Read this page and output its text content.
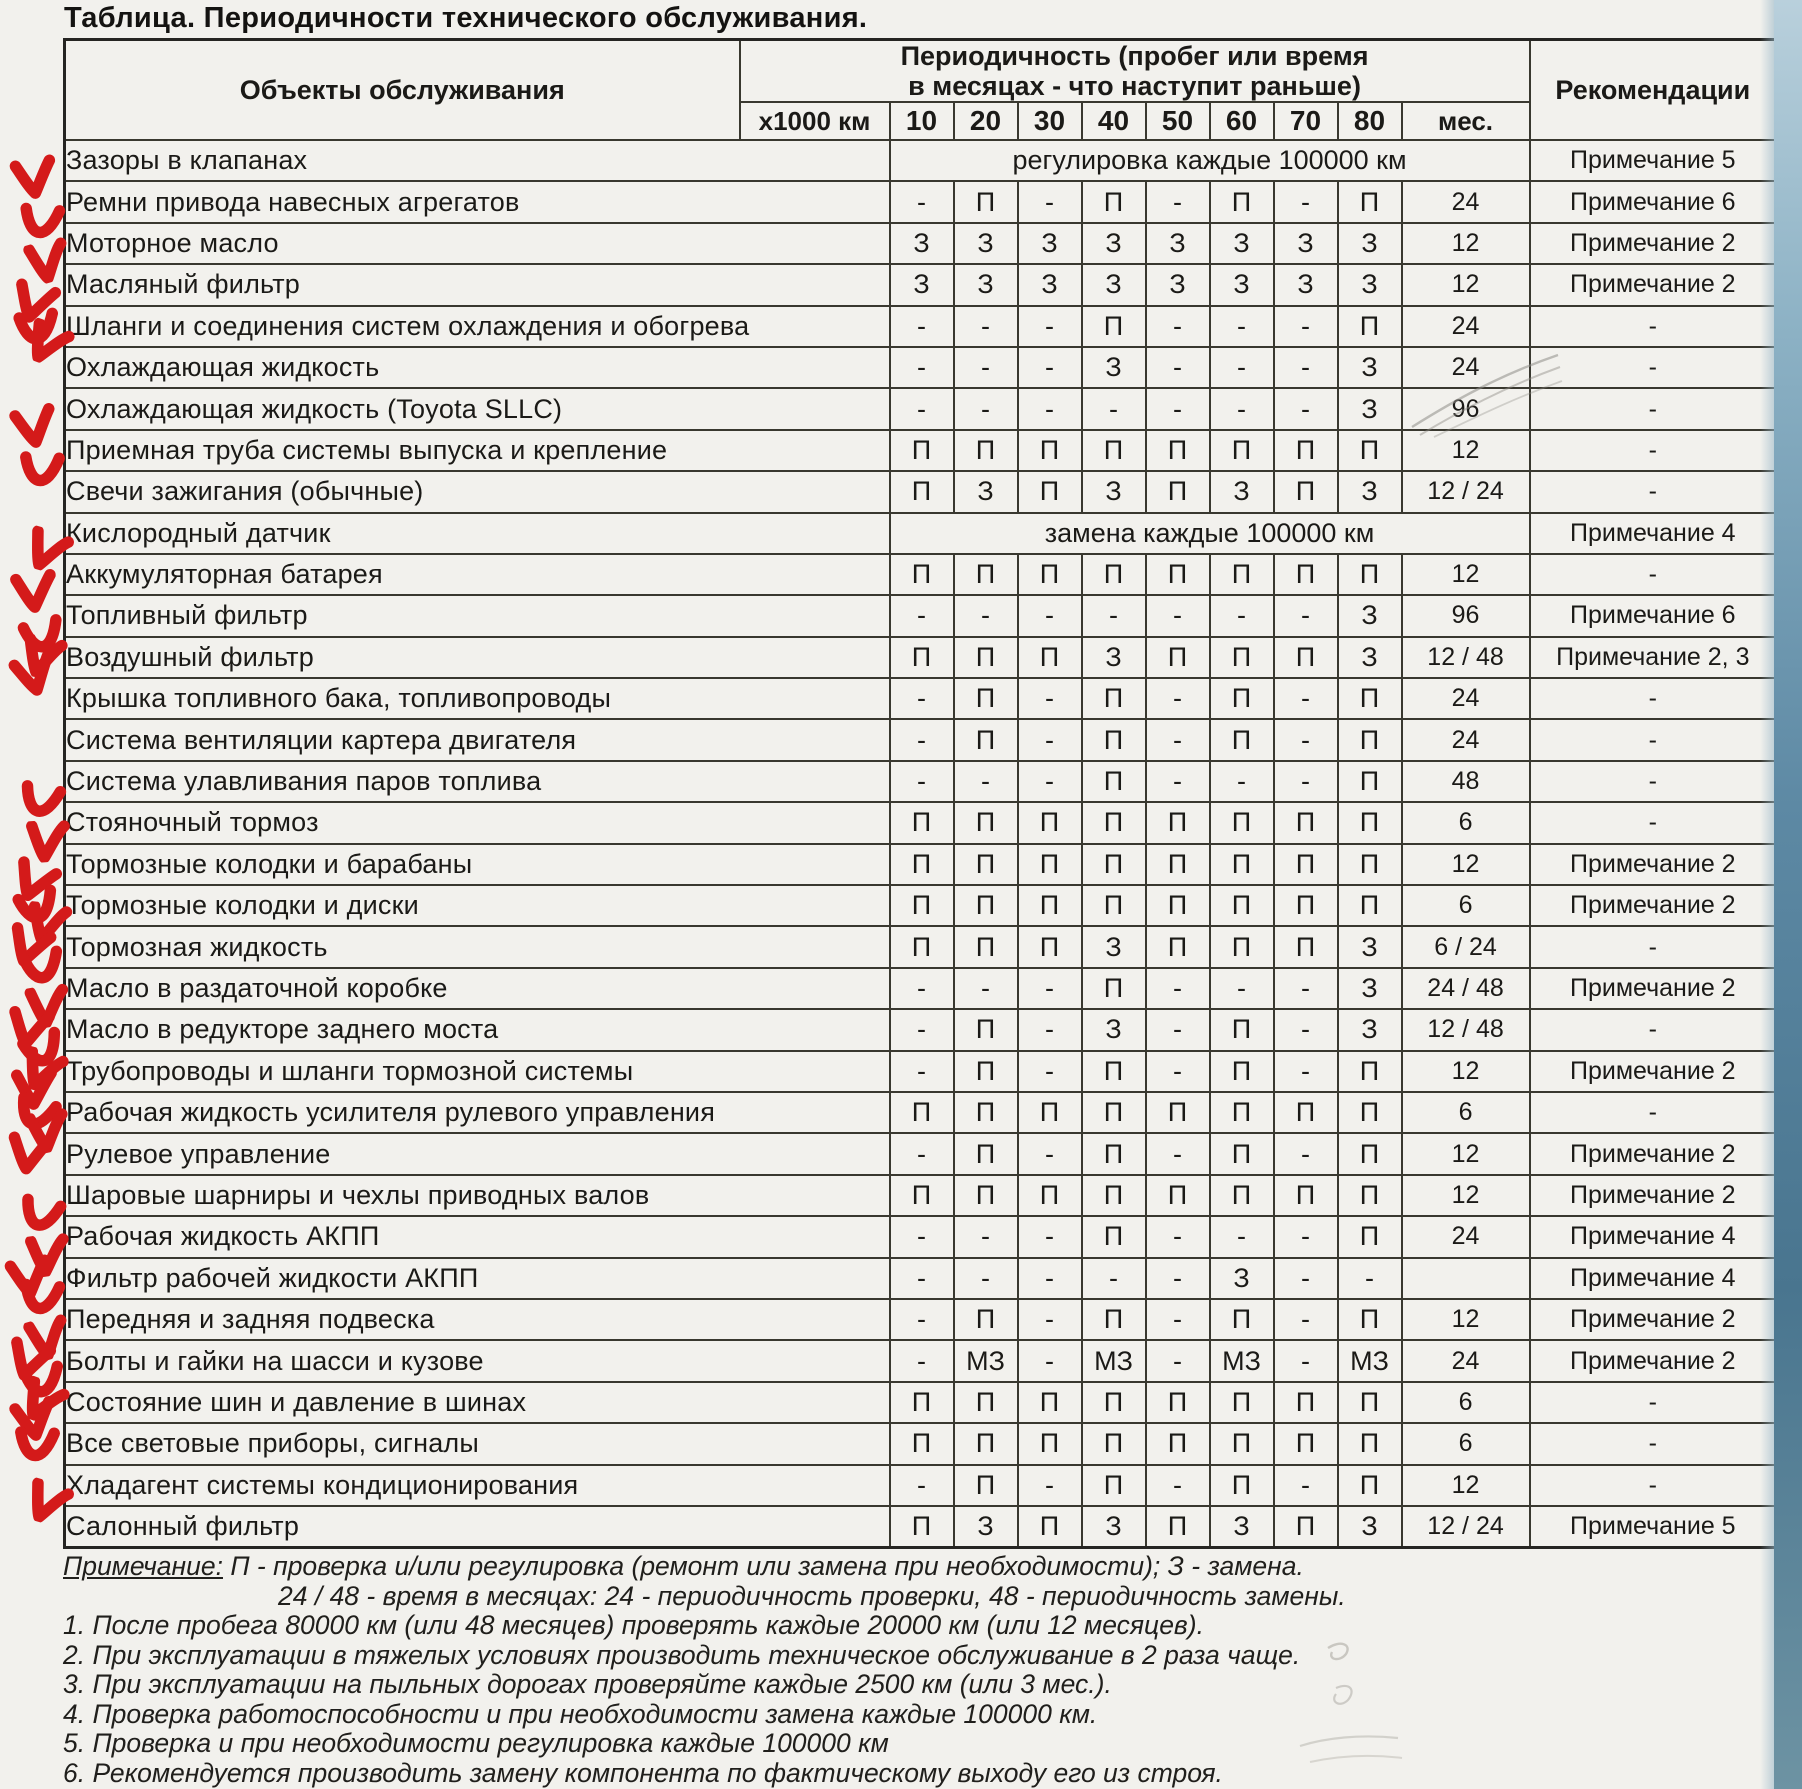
Таблица. Периодичности технического обслуживания.
Объекты обслуживания	Периодичность (пробег или время
в месяцах - что наступит раньше)										Рекомендации
	х1000 км	10	20	30	40	50	60	70	80	мес.	
Зазоры в клапанах		регулировка каждые 100000 км									Примечание 5
Ремни привода навесных агрегатов		-	П	-	П	-	П	-	П	24	Примечание 6
Моторное масло		З	З	З	З	З	З	З	З	12	Примечание 2
Масляный фильтр		З	З	З	З	З	З	З	З	12	Примечание 2
Шланги и соединения систем охлаждения и обогрева		-	-	-	П	-	-	-	П	24	-
Охлаждающая жидкость		-	-	-	З	-	-	-	З	24	-
Охлаждающая жидкость (Toyota SLLC)		-	-	-	-	-	-	-	З	96	-
Приемная труба системы выпуска и крепление		П	П	П	П	П	П	П	П	12	-
Свечи зажигания (обычные)		П	З	П	З	П	З	П	З	12 / 24	-
Кислородный датчик		замена каждые 100000 км									Примечание 4
Аккумуляторная батарея		П	П	П	П	П	П	П	П	12	-
Топливный фильтр		-	-	-	-	-	-	-	З	96	Примечание 6
Воздушный фильтр		П	П	П	З	П	П	П	З	12 / 48	Примечание 2, 3
Крышка топливного бака, топливопроводы		-	П	-	П	-	П	-	П	24	-
Система вентиляции картера двигателя		-	П	-	П	-	П	-	П	24	-
Система улавливания паров топлива		-	-	-	П	-	-	-	П	48	-
Стояночный тормоз		П	П	П	П	П	П	П	П	6	-
Тормозные колодки и барабаны		П	П	П	П	П	П	П	П	12	Примечание 2
Тормозные колодки и диски		П	П	П	П	П	П	П	П	6	Примечание 2
Тормозная жидкость		П	П	П	З	П	П	П	З	6 / 24	-
Масло в раздаточной коробке		-	-	-	П	-	-	-	З	24 / 48	Примечание 2
Масло в редукторе заднего моста		-	П	-	З	-	П	-	З	12 / 48	-
Трубопроводы и шланги тормозной системы		-	П	-	П	-	П	-	П	12	Примечание 2
Рабочая жидкость усилителя рулевого управления		П	П	П	П	П	П	П	П	6	-
Рулевое управление		-	П	-	П	-	П	-	П	12	Примечание 2
Шаровые шарниры и чехлы приводных валов		П	П	П	П	П	П	П	П	12	Примечание 2
Рабочая жидкость АКПП		-	-	-	П	-	-	-	П	24	Примечание 4
Фильтр рабочей жидкости АКПП		-	-	-	-	-	З	-	-		Примечание 4
Передняя и задняя подвеска		-	П	-	П	-	П	-	П	12	Примечание 2
Болты и гайки на шасси и кузове		-	МЗ	-	МЗ	-	МЗ	-	МЗ	24	Примечание 2
Состояние шин и давление в шинах		П	П	П	П	П	П	П	П	6	-
Все световые приборы, сигналы		П	П	П	П	П	П	П	П	6	-
Хладагент системы кондиционирования		-	П	-	П	-	П	-	П	12	-
Салонный фильтр		П	З	П	З	П	З	П	З	12 / 24	Примечание 5
Примечание: П - проверка и/или регулировка (ремонт или замена при необходимости); З - замена.
24 / 48 - время в месяцах: 24 - периодичность проверки, 48 - периодичность замены.
1. После пробега 80000 км (или 48 месяцев) проверять каждые 20000 км (или 12 месяцев).
2. При эксплуатации в тяжелых условиях производить техническое обслуживание в 2 раза чаще.
3. При эксплуатации на пыльных дорогах проверяйте каждые 2500 км (или 3 мес.).
4. Проверка работоспособности и при необходимости замена каждые 100000 км.
5. Проверка и при необходимости регулировка каждые 100000 км
6. Рекомендуется производить замену компонента по фактическому выходу его из строя.
